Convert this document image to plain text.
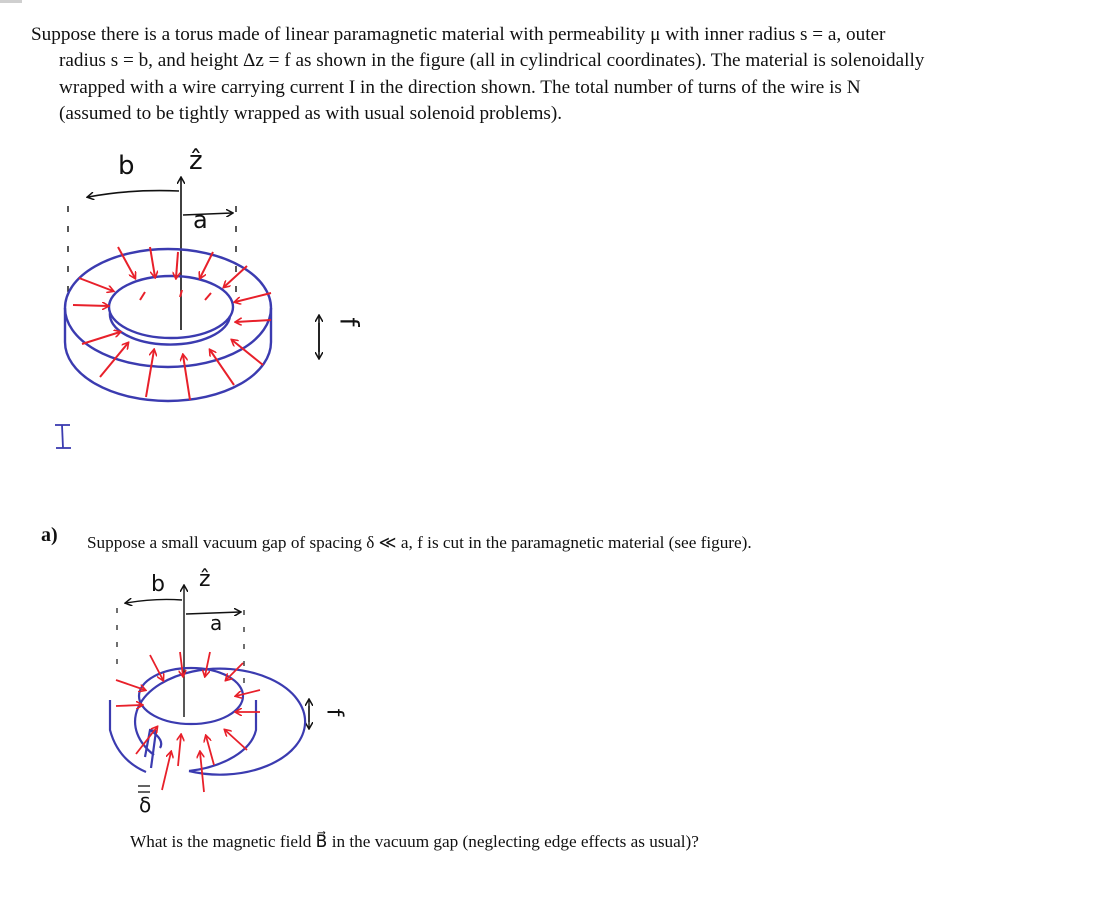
Suppose there is a torus made of linear paramagnetic material with permeability μ with inner radius s = a, outer
radius s = b, and height Δz = f as shown in the figure (all in cylindrical coordinates). The material is solenoidally
wrapped with a wire carrying current I in the direction shown. The total number of turns of the wire is N
(assumed to be tightly wrapped as with usual solenoid problems).
b ẑ
a
f
a) Suppose a small vacuum gap of spacing δ ≪ a, f is cut in the paramagnetic material (see figure).
b ẑ
a
f
δ
What is the magnetic field B⃗ in the vacuum gap (neglecting edge effects as usual)?
